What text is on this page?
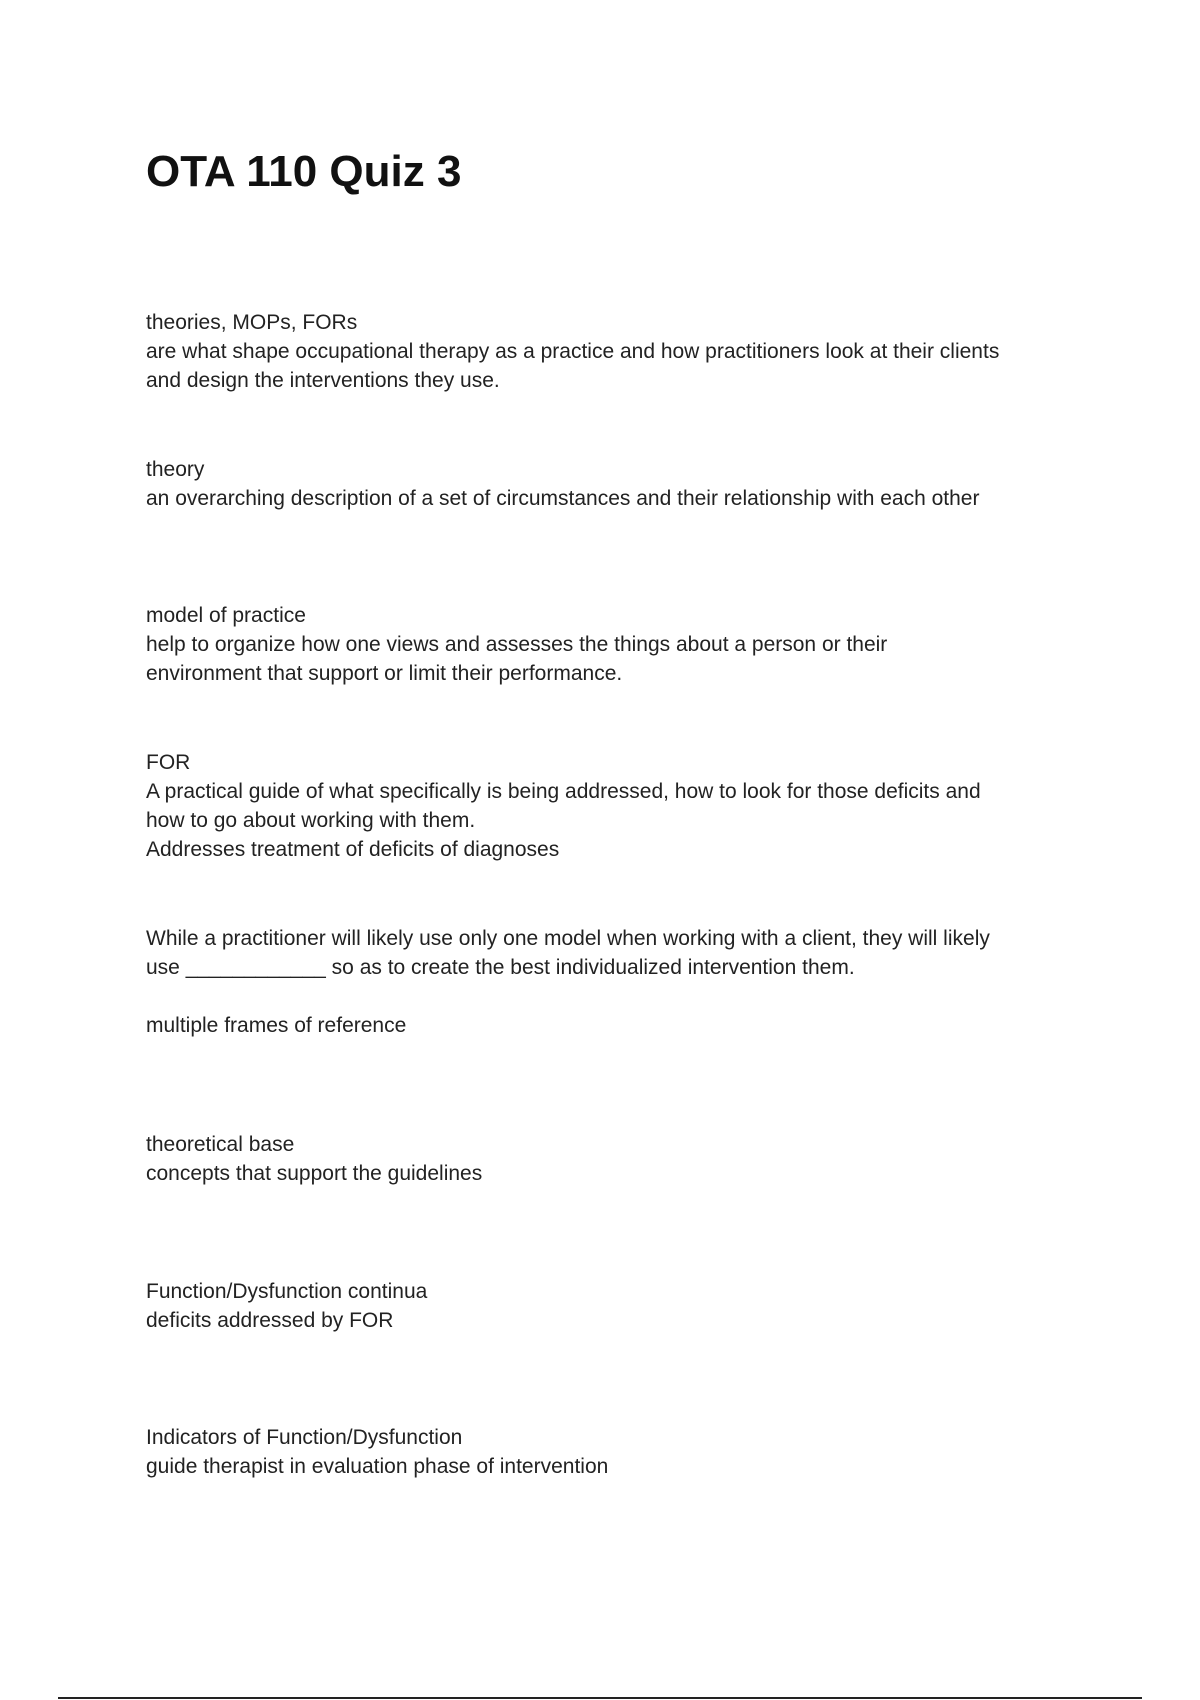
OTA 110 Quiz 3
theories, MOPs, FORs
are what shape occupational therapy as a practice and how practitioners look at their clients
and design the interventions they use.
theory
an overarching description of a set of circumstances and their relationship with each other
model of practice
help to organize how one views and assesses the things about a person or their
environment that support or limit their performance.
FOR
A practical guide of what specifically is being addressed, how to look for those deficits and
how to go about working with them.
Addresses treatment of deficits of diagnoses
While a practitioner will likely use only one model when working with a client, they will likely
use ____________ so as to create the best individualized intervention them.
multiple frames of reference
theoretical base
concepts that support the guidelines
Function/Dysfunction continua
deficits addressed by FOR
Indicators of Function/Dysfunction
guide therapist in evaluation phase of intervention
